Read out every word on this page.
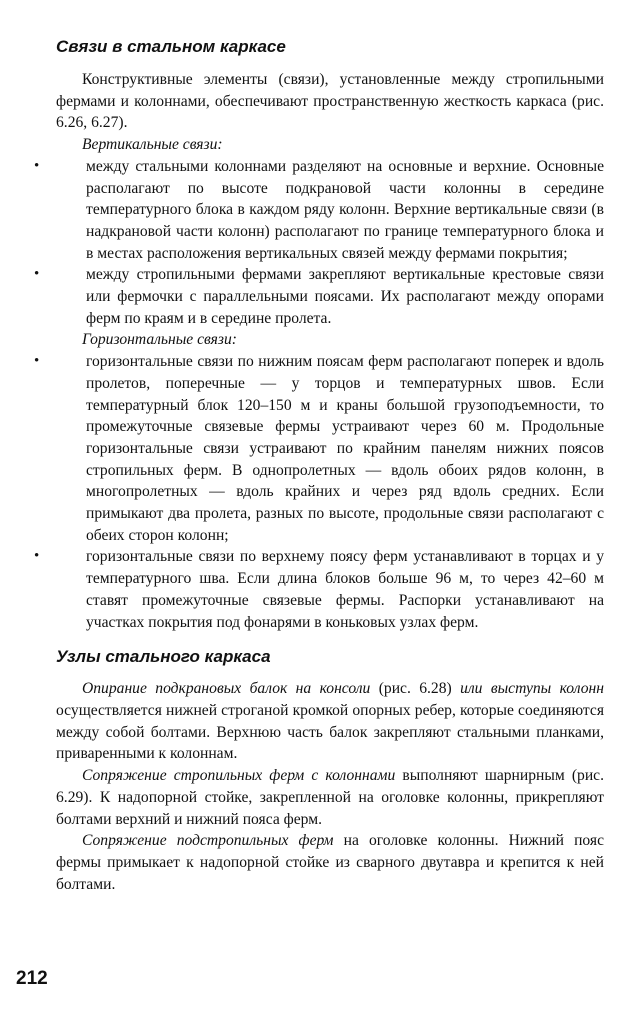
Связи в стальном каркасе

Конструктивные элементы (связи), установленные между стропильными фермами и колоннами, обеспечивают пространственную жесткость каркаса (рис. 6.26, 6.27).

Вертикальные связи:
•	между стальными колоннами разделяют на основные и верхние. Основные располагают по высоте подкрановой части колонны в середине температурного блока в каждом ряду колонн. Верхние вертикальные связи (в надкрановой части колонн) располагают по границе температурного блока и в местах расположения вертикальных связей между фермами покрытия;
•	между стропильными фермами закрепляют вертикальные крестовые связи или фермочки с параллельными поясами. Их располагают между опорами ферм по краям и в середине пролета.
Горизонтальные связи:
•	горизонтальные связи по нижним поясам ферм располагают поперек и вдоль пролетов, поперечные — у торцов и температурных швов. Если температурный блок 120–150 м и краны большой грузоподъемности, то промежуточные связевые фермы устраивают через 60 м. Продольные горизонтальные связи устраивают по крайним панелям нижних поясов стропильных ферм. В однопролетных — вдоль обоих рядов колонн, в многопролетных — вдоль крайних и через ряд вдоль средних. Если примыкают два пролета, разных по высоте, продольные связи располагают с обеих сторон колонн;
•	горизонтальные связи по верхнему поясу ферм устанавливают в торцах и у температурного шва. Если длина блоков больше 96 м, то через 42–60 м ставят промежуточные связевые фермы. Распорки устанавливают на участках покрытия под фонарями в коньковых узлах ферм.
Узлы стального каркаса

Опирание подкрановых балок на консоли (рис. 6.28) или выступы колонн осуществляется нижней строганой кромкой опорных ребер, которые соединяются между собой болтами. Верхнюю часть балок закрепляют стальными планками, приваренными к колоннам.

Сопряжение стропильных ферм с колоннами выполняют шарнирным (рис. 6.29). К надопорной стойке, закрепленной на оголовке колонны, прикрепляют болтами верхний и нижний пояса ферм.

Сопряжение подстропильных ферм на оголовке колонны. Нижний пояс фермы примыкает к надопорной стойке из сварного двутавра и крепится к ней болтами.

212
